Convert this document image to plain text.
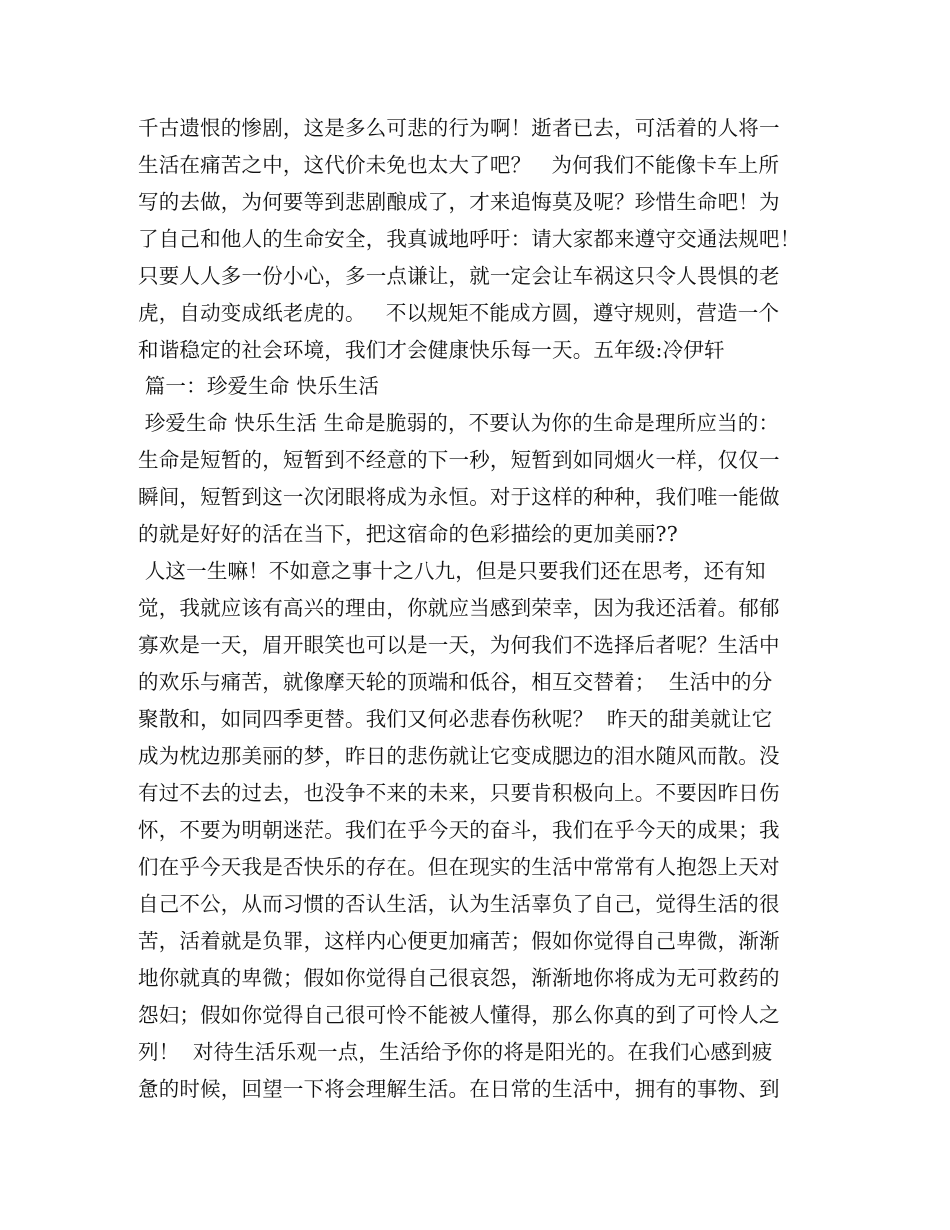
千古遗恨的惨剧，这是多么可悲的行为啊！逝者已去，可活着的人将一
生活在痛苦之中，这代价未免也太大了吧？   为何我们不能像卡车上所
写的去做，为何要等到悲剧酿成了，才来追悔莫及呢？珍惜生命吧！为
了自己和他人的生命安全，我真诚地呼吁：请大家都来遵守交通法规吧！
只要人人多一份小心，多一点谦让，就一定会让车祸这只令人畏惧的老
虎，自动变成纸老虎的。   不以规矩不能成方圆，遵守规则，营造一个
和谐稳定的社会环境，我们才会健康快乐每一天。五年级:冷伊轩
篇一：珍爱生命 快乐生活
珍爱生命 快乐生活 生命是脆弱的，不要认为你的生命是理所应当的：
生命是短暂的，短暂到不经意的下一秒，短暂到如同烟火一样，仅仅一
瞬间，短暂到这一次闭眼将成为永恒。对于这样的种种，我们唯一能做
的就是好好的活在当下，把这宿命的色彩描绘的更加美丽??
人这一生嘛！不如意之事十之八九，但是只要我们还在思考，还有知
觉，我就应该有高兴的理由，你就应当感到荣幸，因为我还活着。郁郁
寡欢是一天，眉开眼笑也可以是一天，为何我们不选择后者呢？生活中
的欢乐与痛苦，就像摩天轮的顶端和低谷，相互交替着；  生活中的分
聚散和，如同四季更替。我们又何必悲春伤秋呢？  昨天的甜美就让它
成为枕边那美丽的梦，昨日的悲伤就让它变成腮边的泪水随风而散。没
有过不去的过去，也没争不来的未来，只要肯积极向上。不要因昨日伤
怀，不要为明朝迷茫。我们在乎今天的奋斗，我们在乎今天的成果；我
们在乎今天我是否快乐的存在。但在现实的生活中常常有人抱怨上天对
自己不公，从而习惯的否认生活，认为生活辜负了自己，觉得生活的很
苦，活着就是负罪，这样内心便更加痛苦；假如你觉得自己卑微，渐渐
地你就真的卑微；假如你觉得自己很哀怨，渐渐地你将成为无可救药的
怨妇；假如你觉得自己很可怜不能被人懂得，那么你真的到了可怜人之
列！  对待生活乐观一点，生活给予你的将是阳光的。在我们心感到疲
惫的时候，回望一下将会理解生活。在日常的生活中，拥有的事物、到
